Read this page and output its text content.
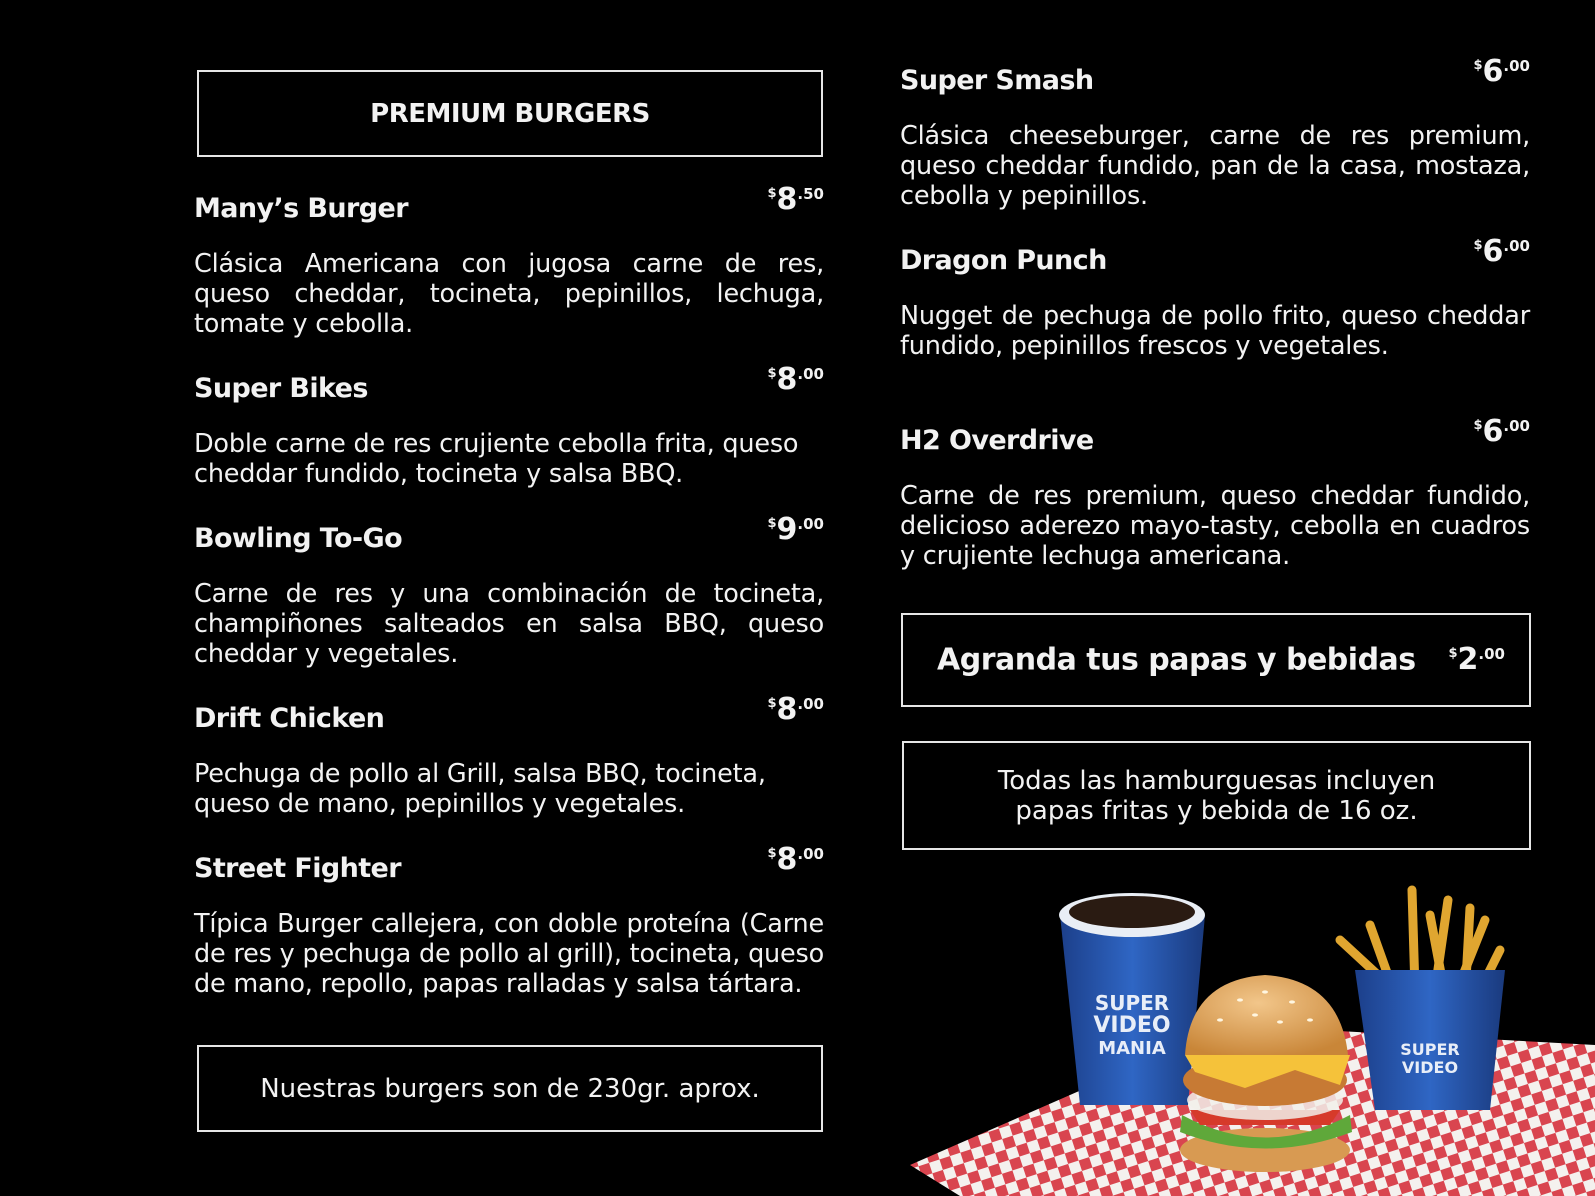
PREMIUM BURGERS
Many’s Burger	$8.50
Clásica Americana con jugosa carne de res, queso cheddar, tocineta, pepinillos, lechuga, tomate y cebolla.
Super Bikes	$8.00
Doble carne de res crujiente cebolla frita, queso cheddar fundido, tocineta y salsa BBQ.
Bowling To-Go	$9.00
Carne de res y una combinación de tocineta, champiñones salteados en salsa BBQ, queso cheddar y vegetales.
Drift Chicken	$8.00
Pechuga de pollo al Grill, salsa BBQ, tocineta, queso de mano, pepinillos y vegetales.
Street Fighter	$8.00
Típica Burger callejera, con doble proteína (Carne de res y pechuga de pollo al grill), tocineta, queso de mano, repollo, papas ralladas y salsa tártara.
Nuestras burgers son de 230gr. aprox.
Super Smash	$6.00
Clásica cheeseburger, carne de res premium, queso cheddar fundido, pan de la casa, mostaza, cebolla y pepinillos.
Dragon Punch	$6.00
Nugget de pechuga de pollo frito, queso cheddar fundido, pepinillos frescos y vegetales.
H2 Overdrive	$6.00
Carne de res premium, queso cheddar fundido, delicioso aderezo mayo-tasty, cebolla en cuadros y crujiente lechuga americana.
Agranda tus papas y bebidas	$2.00
Todas las hamburguesas incluyen
papas fritas y bebida de 16 oz.
SUPER
VIDEO
MANIA	SUPER
VIDEO
